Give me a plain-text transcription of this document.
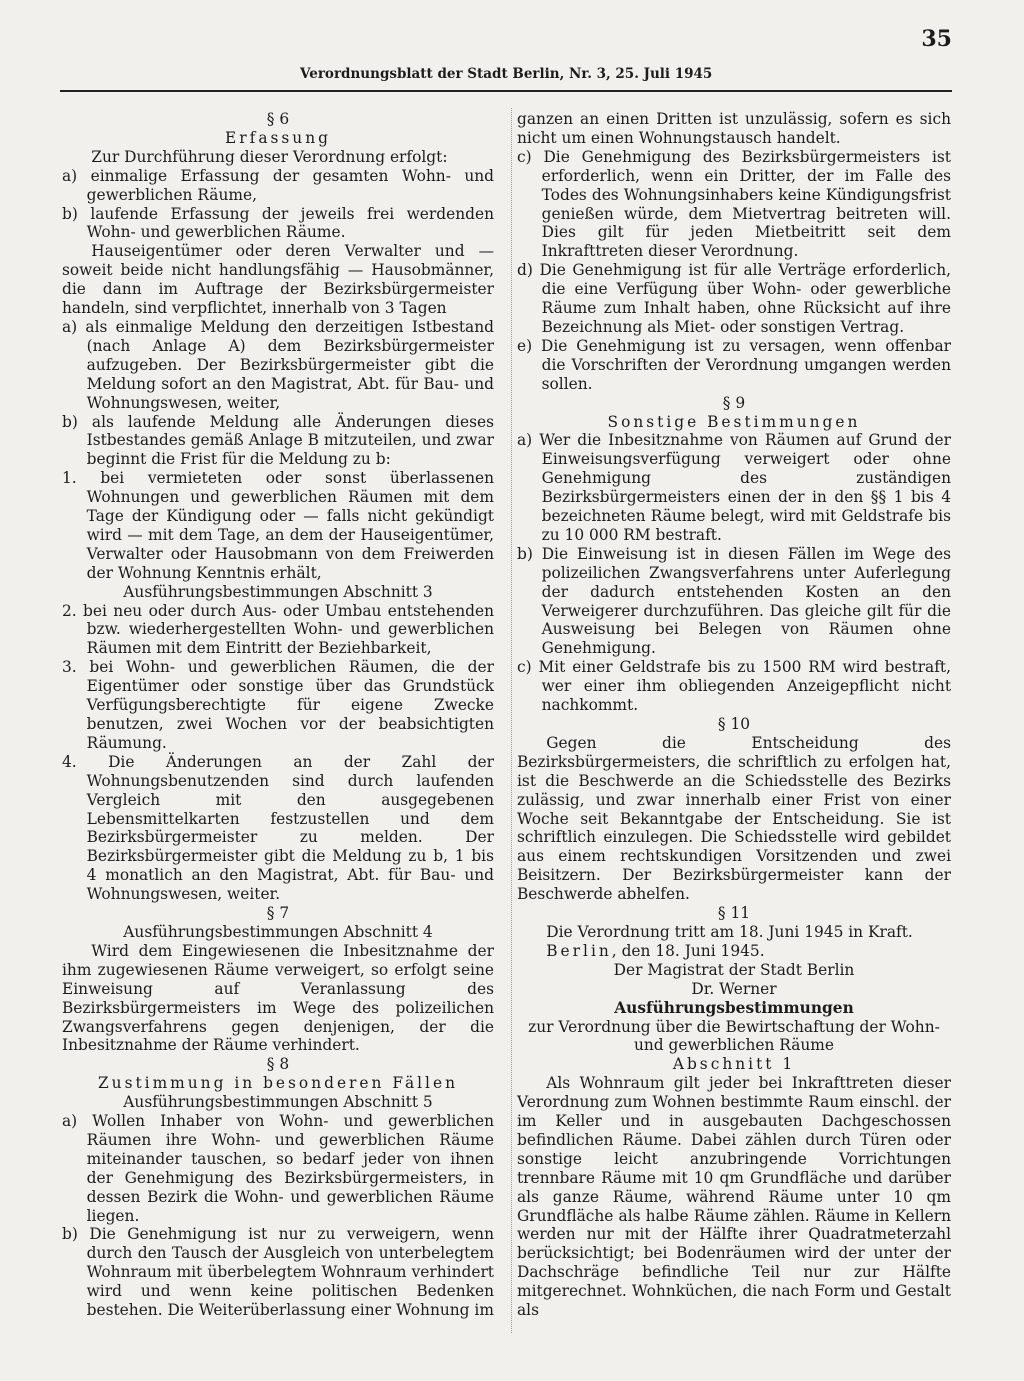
35
Verordnungsblatt der Stadt Berlin, Nr. 3, 25. Juli 1945
§ 6
Erfassung
Zur Durchführung dieser Verordnung erfolgt:
a) einmalige Erfassung der gesamten Wohn- und gewerblichen Räume,
b) laufende Erfassung der jeweils frei werdenden Wohn- und gewerblichen Räume.
Hauseigentümer oder deren Verwalter und — soweit beide nicht handlungsfähig — Hausobmänner, die dann im Auftrage der Bezirksbürgermeister handeln, sind verpflichtet, innerhalb von 3 Tagen
a) als einmalige Meldung den derzeitigen Istbestand (nach Anlage A) dem Bezirksbürgermeister aufzugeben. Der Bezirksbürgermeister gibt die Meldung sofort an den Magistrat, Abt. für Bau- und Wohnungswesen, weiter,
b) als laufende Meldung alle Änderungen dieses Istbestandes gemäß Anlage B mitzuteilen, und zwar beginnt die Frist für die Meldung zu b:
1. bei vermieteten oder sonst überlassenen Wohnungen und gewerblichen Räumen mit dem Tage der Kündigung oder — falls nicht gekündigt wird — mit dem Tage, an dem der Hauseigentümer, Verwalter oder Hausobmann von dem Freiwerden der Wohnung Kenntnis erhält,
Ausführungsbestimmungen Abschnitt 3
2. bei neu oder durch Aus- oder Umbau entstehenden bzw. wiederhergestellten Wohn- und gewerblichen Räumen mit dem Eintritt der Beziehbarkeit,
3. bei Wohn- und gewerblichen Räumen, die der Eigentümer oder sonstige über das Grundstück Verfügungsberechtigte für eigene Zwecke benutzen, zwei Wochen vor der beabsichtigten Räumung.
4. Die Änderungen an der Zahl der Wohnungsbenutzenden sind durch laufenden Vergleich mit den ausgegebenen Lebensmittelkarten festzustellen und dem Bezirksbürgermeister zu melden. Der Bezirksbürgermeister gibt die Meldung zu b, 1 bis 4 monatlich an den Magistrat, Abt. für Bau- und Wohnungswesen, weiter.
§ 7
Ausführungsbestimmungen Abschnitt 4
Wird dem Eingewiesenen die Inbesitznahme der ihm zugewiesenen Räume verweigert, so erfolgt seine Einweisung auf Veranlassung des Bezirksbürgermeisters im Wege des polizeilichen Zwangsverfahrens gegen denjenigen, der die Inbesitznahme der Räume verhindert.
§ 8
Zustimmung in besonderen Fällen
Ausführungsbestimmungen Abschnitt 5
a) Wollen Inhaber von Wohn- und gewerblichen Räumen ihre Wohn- und gewerblichen Räume miteinander tauschen, so bedarf jeder von ihnen der Genehmigung des Bezirksbürgermeisters, in dessen Bezirk die Wohn- und gewerblichen Räume liegen.
b) Die Genehmigung ist nur zu verweigern, wenn durch den Tausch der Ausgleich von unterbelegtem Wohnraum mit überbelegtem Wohnraum verhindert wird und wenn keine politischen Bedenken bestehen. Die Weiterüberlassung einer Wohnung im
ganzen an einen Dritten ist unzulässig, sofern es sich nicht um einen Wohnungstausch handelt.
c) Die Genehmigung des Bezirksbürgermeisters ist erforderlich, wenn ein Dritter, der im Falle des Todes des Wohnungsinhabers keine Kündigungsfrist genießen würde, dem Mietvertrag beitreten will. Dies gilt für jeden Mietbeitritt seit dem Inkrafttreten dieser Verordnung.
d) Die Genehmigung ist für alle Verträge erforderlich, die eine Verfügung über Wohn- oder gewerbliche Räume zum Inhalt haben, ohne Rücksicht auf ihre Bezeichnung als Miet- oder sonstigen Vertrag.
e) Die Genehmigung ist zu versagen, wenn offenbar die Vorschriften der Verordnung umgangen werden sollen.
§ 9
Sonstige Bestimmungen
a) Wer die Inbesitznahme von Räumen auf Grund der Einweisungsverfügung verweigert oder ohne Genehmigung des zuständigen Bezirksbürgermeisters einen der in den §§ 1 bis 4 bezeichneten Räume belegt, wird mit Geldstrafe bis zu 10 000 RM bestraft.
b) Die Einweisung ist in diesen Fällen im Wege des polizeilichen Zwangsverfahrens unter Auferlegung der dadurch entstehenden Kosten an den Verweigerer durchzuführen. Das gleiche gilt für die Ausweisung bei Belegen von Räumen ohne Genehmigung.
c) Mit einer Geldstrafe bis zu 1500 RM wird bestraft, wer einer ihm obliegenden Anzeigepflicht nicht nachkommt.
§ 10
Gegen die Entscheidung des Bezirksbürgermeisters, die schriftlich zu erfolgen hat, ist die Beschwerde an die Schiedsstelle des Bezirks zulässig, und zwar innerhalb einer Frist von einer Woche seit Bekanntgabe der Entscheidung. Sie ist schriftlich einzulegen. Die Schiedsstelle wird gebildet aus einem rechtskundigen Vorsitzenden und zwei Beisitzern. Der Bezirksbürgermeister kann der Beschwerde abhelfen.
§ 11
Die Verordnung tritt am 18. Juni 1945 in Kraft.
Berlin, den 18. Juni 1945.
Der Magistrat der Stadt Berlin
Dr. Werner
Ausführungsbestimmungen
zur Verordnung über die Bewirtschaftung der Wohn- und gewerblichen Räume
Abschnitt 1
Als Wohnraum gilt jeder bei Inkrafttreten dieser Verordnung zum Wohnen bestimmte Raum einschl. der im Keller und in ausgebauten Dachgeschossen befindlichen Räume. Dabei zählen durch Türen oder sonstige leicht anzubringende Vorrichtungen trennbare Räume mit 10 qm Grundfläche und darüber als ganze Räume, während Räume unter 10 qm Grundfläche als halbe Räume zählen. Räume in Kellern werden nur mit der Hälfte ihrer Quadratmeterzahl berücksichtigt; bei Bodenräumen wird der unter der Dachschräge befindliche Teil nur zur Hälfte mitgerechnet. Wohnküchen, die nach Form und Gestalt als
